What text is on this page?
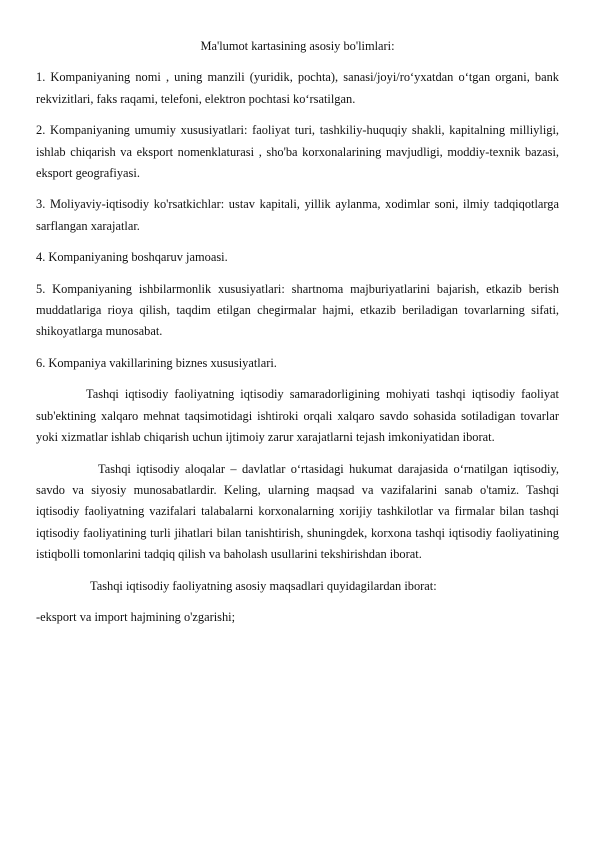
Ma'lumot kartasining asosiy bo'limlari:

1. Kompaniyaning nomi , uning manzili (yuridik, pochta), sanasi/joyi/ro‘yxatdan o‘tgan organi, bank rekvizitlari, faks raqami, telefoni, elektron pochtasi ko‘rsatilgan.

2. Kompaniyaning umumiy xususiyatlari: faoliyat turi, tashkiliy-huquqiy shakli, kapitalning milliyligi, ishlab chiqarish va eksport nomenklaturasi , sho'ba korxonalarining mavjudligi, moddiy-texnik bazasi, eksport geografiyasi.

3. Moliyaviy-iqtisodiy ko'rsatkichlar: ustav kapitali, yillik aylanma, xodimlar soni, ilmiy tadqiqotlarga sarflangan xarajatlar.

4. Kompaniyaning boshqaruv jamoasi.

5. Kompaniyaning ishbilarmonlik xususiyatlari: shartnoma majburiyatlarini bajarish, etkazib berish muddatlariga rioya qilish, taqdim etilgan chegirmalar hajmi, etkazib beriladigan tovarlarning sifati, shikoyatlarga munosabat.

6. Kompaniya vakillarining biznes xususiyatlari.

Tashqi iqtisodiy faoliyatning iqtisodiy samaradorligining mohiyati tashqi iqtisodiy faoliyat sub'ektining xalqaro mehnat taqsimotidagi ishtiroki orqali xalqaro savdo sohasida sotiladigan tovarlar yoki xizmatlar ishlab chiqarish uchun ijtimoiy zarur xarajatlarni tejash imkoniyatidan iborat.

Tashqi iqtisodiy aloqalar – davlatlar o‘rtasidagi hukumat darajasida o‘rnatilgan iqtisodiy, savdo va siyosiy munosabatlardir. Keling, ularning maqsad va vazifalarini sanab o'tamiz. Tashqi iqtisodiy faoliyatning vazifalari talabalarni korxonalarning xorijiy tashkilotlar va firmalar bilan tashqi iqtisodiy faoliyatining turli jihatlari bilan tanishtirish, shuningdek, korxona tashqi iqtisodiy faoliyatining istiqbolli tomonlarini tadqiq qilish va baholash usullarini tekshirishdan iborat.

Tashqi iqtisodiy faoliyatning asosiy maqsadlari quyidagilardan iborat:

-eksport va import hajmining o'zgarishi;
